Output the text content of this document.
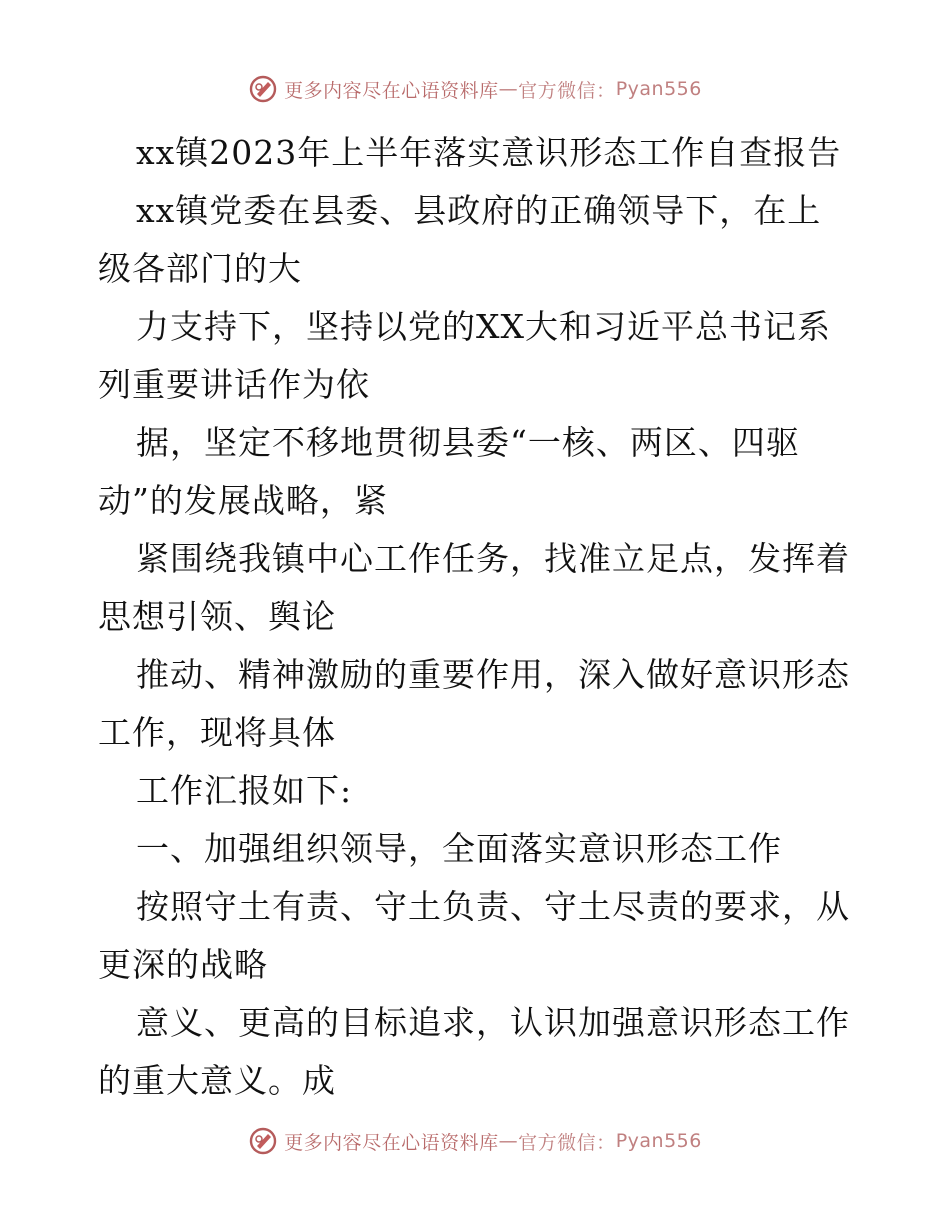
更多内容尽在心语资料库 — 官方微信： Pyan556
xx镇2023年上半年落实意识形态工作自查报告
xx镇党委在县委、县政府的正确领导下，在上
级各部门的大
力支持下，坚持以党的XX大和习近平总书记系
列重要讲话作为依
据，坚定不移地贯彻县委“一核、两区、四驱
动”的发展战略，紧
紧围绕我镇中心工作任务，找准立足点，发挥着
思想引领、舆论
推动、精神激励的重要作用，深入做好意识形态
工作，现将具体
工作汇报如下:
一、加强组织领导，全面落实意识形态工作
按照守土有责、守土负责、守土尽责的要求，从
更深的战略
意义、更高的目标追求，认识加强意识形态工作
的重大意义。成
更多内容尽在心语资料库 — 官方微信： Pyan556
